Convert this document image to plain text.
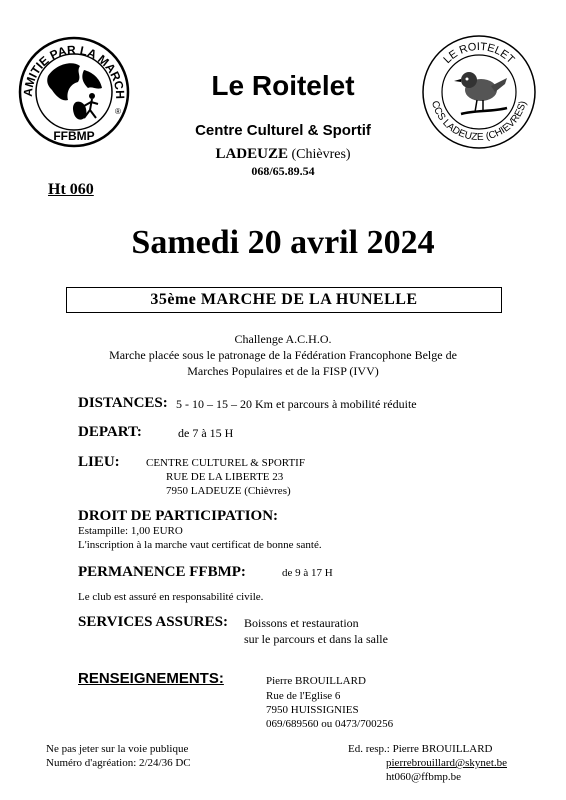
AMITIE PAR LA MARCH
FFBMP
®
LE ROITELET
CCS LADEUZE (CHIEVRES)
Le Roitelet
Centre Culturel & Sportif
LADEUZE (Chièvres)
068/65.89.54
Ht 060
Samedi 20 avril 2024
35ème MARCHE DE LA HUNELLE
Challenge A.C.H.O.
Marche placée sous le patronage de la Fédération Francophone Belge de
Marches Populaires et de la FISP (IVV)
DISTANCES: 5 - 10 – 15 – 20 Km et parcours à mobilité réduite
DEPART:	de 7 à 15 H
LIEU: CENTRE CULTUREL & SPORTIF
RUE DE LA LIBERTE 23
7950 LADEUZE (Chièvres)
DROIT DE PARTICIPATION:
Estampille: 1,00 EURO
L'inscription à la marche vaut certificat de bonne santé.
PERMANENCE FFBMP:	de 9 à 17 H
Le club est assuré en responsabilité civile.
SERVICES ASSURES: Boissons et restauration
sur le parcours et dans la salle
RENSEIGNEMENTS:	Pierre BROUILLARD
Rue de l'Eglise 6
7950 HUISSIGNIES
069/689560 ou 0473/700256
Ne pas jeter sur la voie publique
Numéro d'agréation: 2/24/36 DC
Ed. resp.: Pierre BROUILLARD
pierrebrouillard@skynet.be
ht060@ffbmp.be
